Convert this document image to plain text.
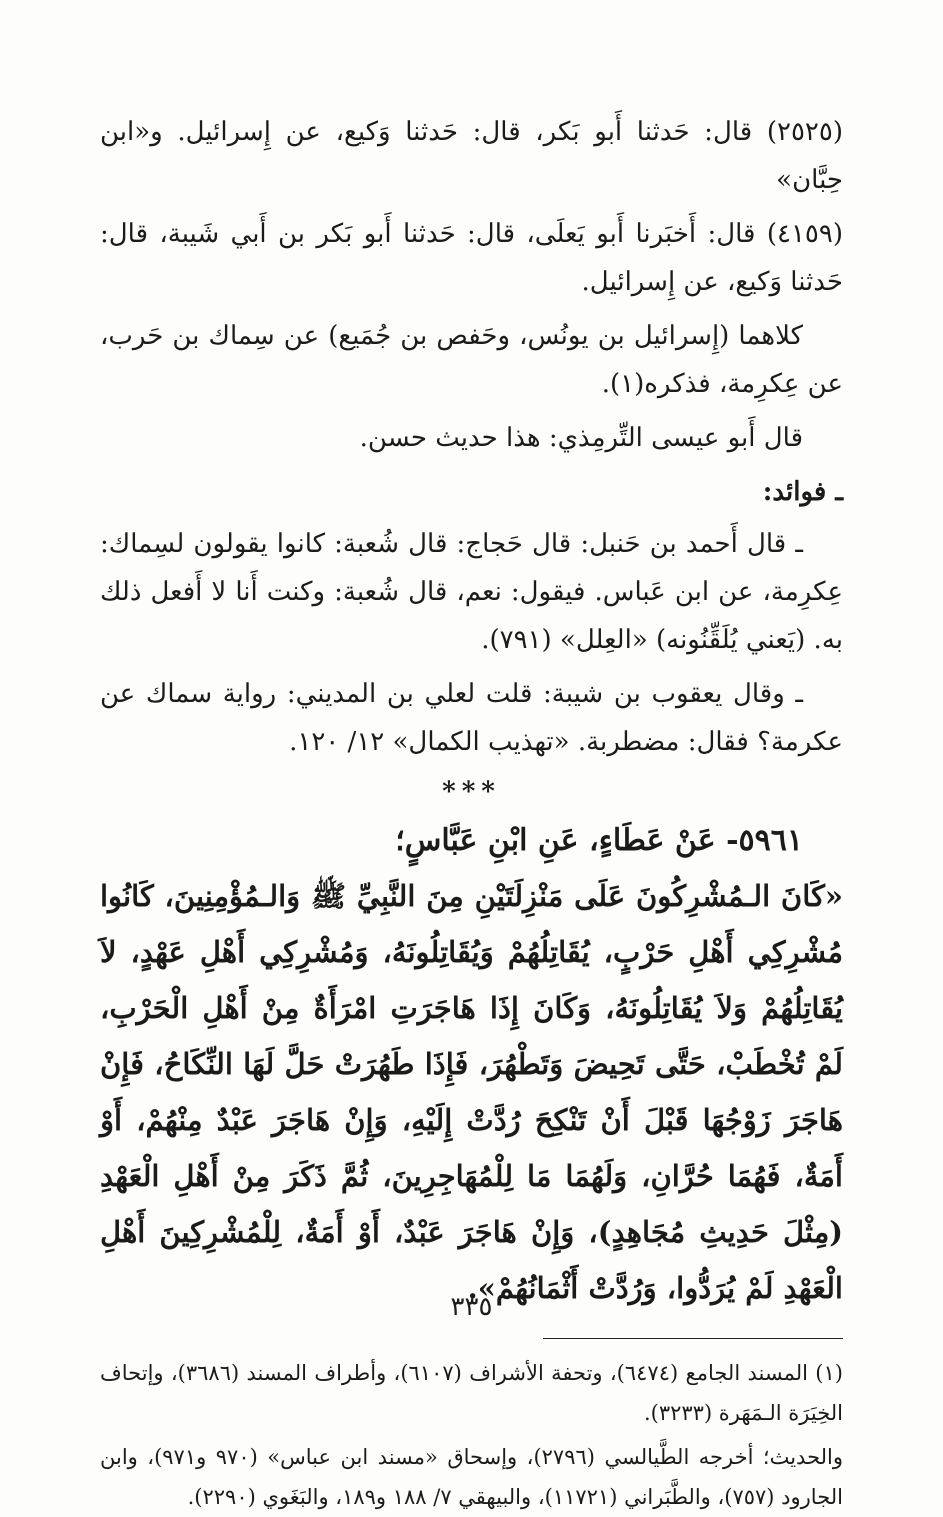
(٢٥٢٥) قال: حَدثنا أَبو بَكر، قال: حَدثنا وَكيع، عن إِسرائيل. و«ابن حِبَّان»

(٤١٥٩) قال: أَخبَرنا أَبو يَعلَى، قال: حَدثنا أَبو بَكر بن أَبي شَيبة، قال: حَدثنا وَكيع، عن إِسرائيل.

كلاهما (إِسرائيل بن يونُس، وحَفص بن جُمَيع) عن سِماك بن حَرب، عن عِكرِمة، فذكره(١).

قال أَبو عيسى التِّرمِذي: هذا حديث حسن.

ـ فوائد:

ـ قال أَحمد بن حَنبل: قال حَجاج: قال شُعبة: كانوا يقولون لسِماك: عِكرِمة، عن ابن عَباس. فيقول: نعم، قال شُعبة: وكنت أَنا لا أَفعل ذلك به. (يَعني يُلَقِّنُونه) «العِلل» (٧٩١).

ـ وقال يعقوب بن شيبة: قلت لعلي بن المديني: رواية سماك عن عكرمة؟ فقال: مضطربة. «تهذيب الكمال» ١٢/ ١٢٠.

***

٥٩٦١- عَنْ عَطَاءٍ، عَنِ ابْنِ عَبَّاسٍ؛

«كَانَ الـمُشْرِكُونَ عَلَى مَنْزِلَتَيْنِ مِنَ النَّبِيِّ ﷺ وَالـمُؤْمِنِينَ، كَانُوا مُشْرِكِي أَهْلِ حَرْبٍ، يُقَاتِلُهُمْ وَيُقَاتِلُونَهُ، وَمُشْرِكِي أَهْلِ عَهْدٍ، لاَ يُقَاتِلُهُمْ وَلاَ يُقَاتِلُونَهُ، وَكَانَ إِذَا هَاجَرَتِ امْرَأَةٌ مِنْ أَهْلِ الْحَرْبِ، لَمْ تُخْطَبْ، حَتَّى تَحِيضَ وَتَطْهُرَ، فَإِذَا طَهُرَتْ حَلَّ لَهَا النِّكَاحُ، فَإِنْ هَاجَرَ زَوْجُهَا قَبْلَ أَنْ تَنْكِحَ رُدَّتْ إِلَيْهِ، وَإِنْ هَاجَرَ عَبْدٌ مِنْهُمْ، أَوْ أَمَةٌ، فَهُمَا حُرَّانِ، وَلَهُمَا مَا لِلْمُهَاجِرِينَ، ثُمَّ ذَكَرَ مِنْ أَهْلِ الْعَهْدِ (مِثْلَ حَدِيثِ مُجَاهِدٍ)، وَإِنْ هَاجَرَ عَبْدٌ، أَوْ أَمَةٌ، لِلْمُشْرِكِينَ أَهْلِ الْعَهْدِ لَمْ يُرَدُّوا، وَرُدَّتْ أَثْمَانُهُمْ».

(١) المسند الجامع (٦٤٧٤)، وتحفة الأشراف (٦١٠٧)، وأطراف المسند (٣٦٨٦)، وإتحاف الخِيَرَة الـمَهَرة (٣٢٣٣).

والحديث؛ أخرجه الطَّيالسي (٢٧٩٦)، وإسحاق «مسند ابن عباس» (٩٧٠ و٩٧١)، وابن الجارود (٧٥٧)، والطَّبَراني (١١٧٢١)، والبيهقي ٧/ ١٨٨ و١٨٩، والبَغَوي (٢٢٩٠).

٣٣٥
